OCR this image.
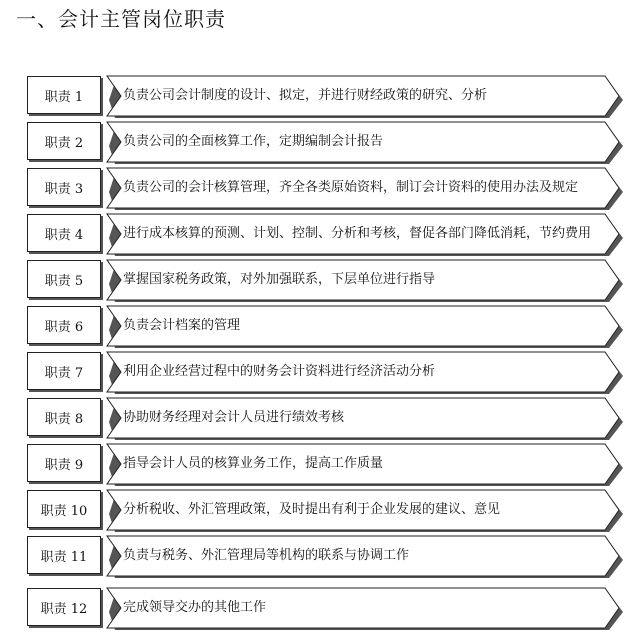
一、会计主管岗位职责
职责 1	负责公司会计制度的设计、拟定，并进行财经政策的研究、分析
职责 2	负责公司的全面核算工作，定期编制会计报告
职责 3	负责公司的会计核算管理，齐全各类原始资料，制订会计资料的使用办法及规定
职责 4	进行成本核算的预测、计划、控制、分析和考核，督促各部门降低消耗，节约费用
职责 5	掌握国家税务政策，对外加强联系，下层单位进行指导
职责 6	负责会计档案的管理
职责 7	利用企业经营过程中的财务会计资料进行经济活动分析
职责 8	协助财务经理对会计人员进行绩效考核
职责 9	指导会计人员的核算业务工作，提高工作质量
职责 10	分析税收、外汇管理政策，及时提出有利于企业发展的建议、意见
职责 11	负责与税务、外汇管理局等机构的联系与协调工作
职责 12	完成领导交办的其他工作
